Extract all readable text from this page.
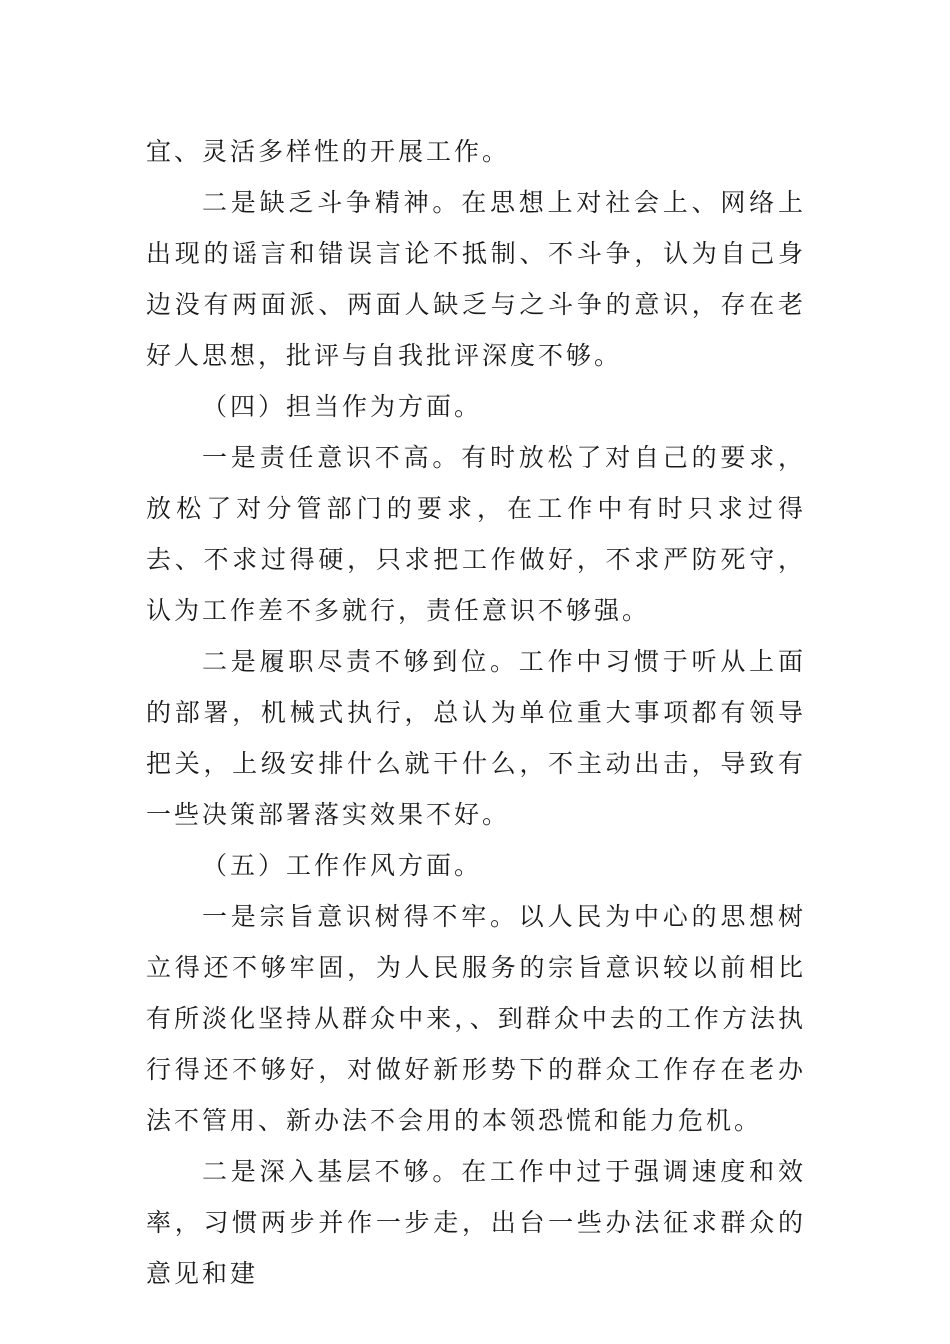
宜、灵活多样性的开展工作。

二是缺乏斗争精神。在思想上对社会上、网络上出现的谣言和错误言论不抵制、不斗争，认为自己身边没有两面派、两面人缺乏与之斗争的意识，存在老好人思想，批评与自我批评深度不够。

（四）担当作为方面。

一是责任意识不高。有时放松了对自己的要求，放松了对分管部门的要求，在工作中有时只求过得去、不求过得硬，只求把工作做好，不求严防死守，认为工作差不多就行，责任意识不够强。

二是履职尽责不够到位。工作中习惯于听从上面的部署，机械式执行，总认为单位重大事项都有领导把关，上级安排什么就干什么，不主动出击，导致有一些决策部署落实效果不好。

（五）工作作风方面。

一是宗旨意识树得不牢。以人民为中心的思想树立得还不够牢固，为人民服务的宗旨意识较以前相比有所淡化坚持从群众中来，、到群众中去的工作方法执行得还不够好，对做好新形势下的群众工作存在老办法不管用、新办法不会用的本领恐慌和能力危机。

二是深入基层不够。在工作中过于强调速度和效率，习惯两步并作一步走，出台一些办法征求群众的意见和建
